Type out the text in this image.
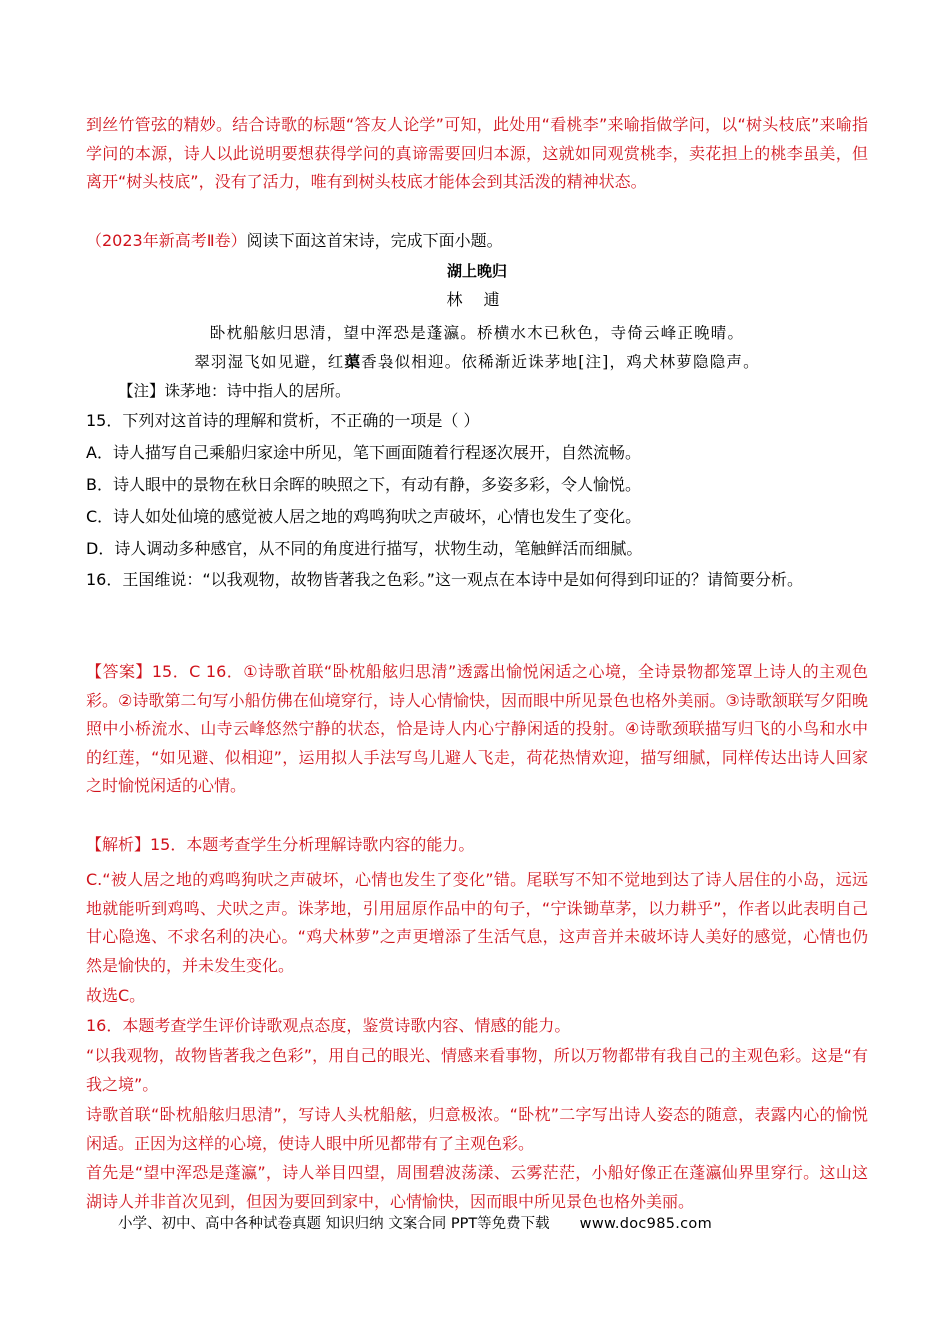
到丝竹管弦的精妙。结合诗歌的标题“答友人论学”可知，此处用“看桃李”来喻指做学问，以“树头枝底”来喻指学问的本源，诗人以此说明要想获得学问的真谛需要回归本源，这就如同观赏桃李，卖花担上的桃李虽美，但离开“树头枝底”，没有了活力，唯有到树头枝底才能体会到其活泼的精神状态。

（2023年新高考Ⅱ卷）阅读下面这首宋诗，完成下面小题。

湖上晚归

林 逋

卧枕船舷归思清，望中浑恐是蓬瀛。桥横水木已秋色，寺倚云峰正晚晴。

翠羽湿飞如见避，红蕖香袅似相迎。依稀渐近诛茅地[注]，鸡犬林萝隐隐声。

【注】诛茅地：诗中指人的居所。

15．下列对这首诗的理解和赏析，不正确的一项是（ ）

A．诗人描写自己乘船归家途中所见，笔下画面随着行程逐次展开，自然流畅。

B．诗人眼中的景物在秋日余晖的映照之下，有动有静，多姿多彩，令人愉悦。

C．诗人如处仙境的感觉被人居之地的鸡鸣狗吠之声破坏，心情也发生了变化。

D．诗人调动多种感官，从不同的角度进行描写，状物生动，笔触鲜活而细腻。

16．王国维说：“以我观物，故物皆著我之色彩。”这一观点在本诗中是如何得到印证的？请简要分析。

【答案】15．C 16．①诗歌首联“卧枕船舷归思清”透露出愉悦闲适之心境，全诗景物都笼罩上诗人的主观色彩。②诗歌第二句写小船仿佛在仙境穿行，诗人心情愉快，因而眼中所见景色也格外美丽。③诗歌颔联写夕阳晚照中小桥流水、山寺云峰悠然宁静的状态，恰是诗人内心宁静闲适的投射。④诗歌颈联描写归飞的小鸟和水中的红莲，“如见避、似相迎”，运用拟人手法写鸟儿避人飞走，荷花热情欢迎，描写细腻，同样传达出诗人回家之时愉悦闲适的心情。

【解析】15．本题考查学生分析理解诗歌内容的能力。

C.“被人居之地的鸡鸣狗吠之声破坏，心情也发生了变化”错。尾联写不知不觉地到达了诗人居住的小岛，远远地就能听到鸡鸣、犬吠之声。诛茅地，引用屈原作品中的句子，“宁诛锄草茅，以力耕乎”，作者以此表明自己甘心隐逸、不求名利的决心。“鸡犬林萝”之声更增添了生活气息，这声音并未破坏诗人美好的感觉，心情也仍然是愉快的，并未发生变化。

故选C。

16．本题考查学生评价诗歌观点态度，鉴赏诗歌内容、情感的能力。

“以我观物，故物皆著我之色彩”，用自己的眼光、情感来看事物，所以万物都带有我自己的主观色彩。这是“有我之境”。

诗歌首联“卧枕船舷归思清”，写诗人头枕船舷，归意极浓。“卧枕”二字写出诗人姿态的随意，表露内心的愉悦闲适。正因为这样的心境，使诗人眼中所见都带有了主观色彩。

首先是“望中浑恐是蓬瀛”，诗人举目四望，周围碧波荡漾、云雾茫茫，小船好像正在蓬瀛仙界里穿行。这山这湖诗人并非首次见到，但因为要回到家中，心情愉快，因而眼中所见景色也格外美丽。

小学、初中、高中各种试卷真题 知识归纳 文案合同 PPT等免费下载 www.doc985.com
